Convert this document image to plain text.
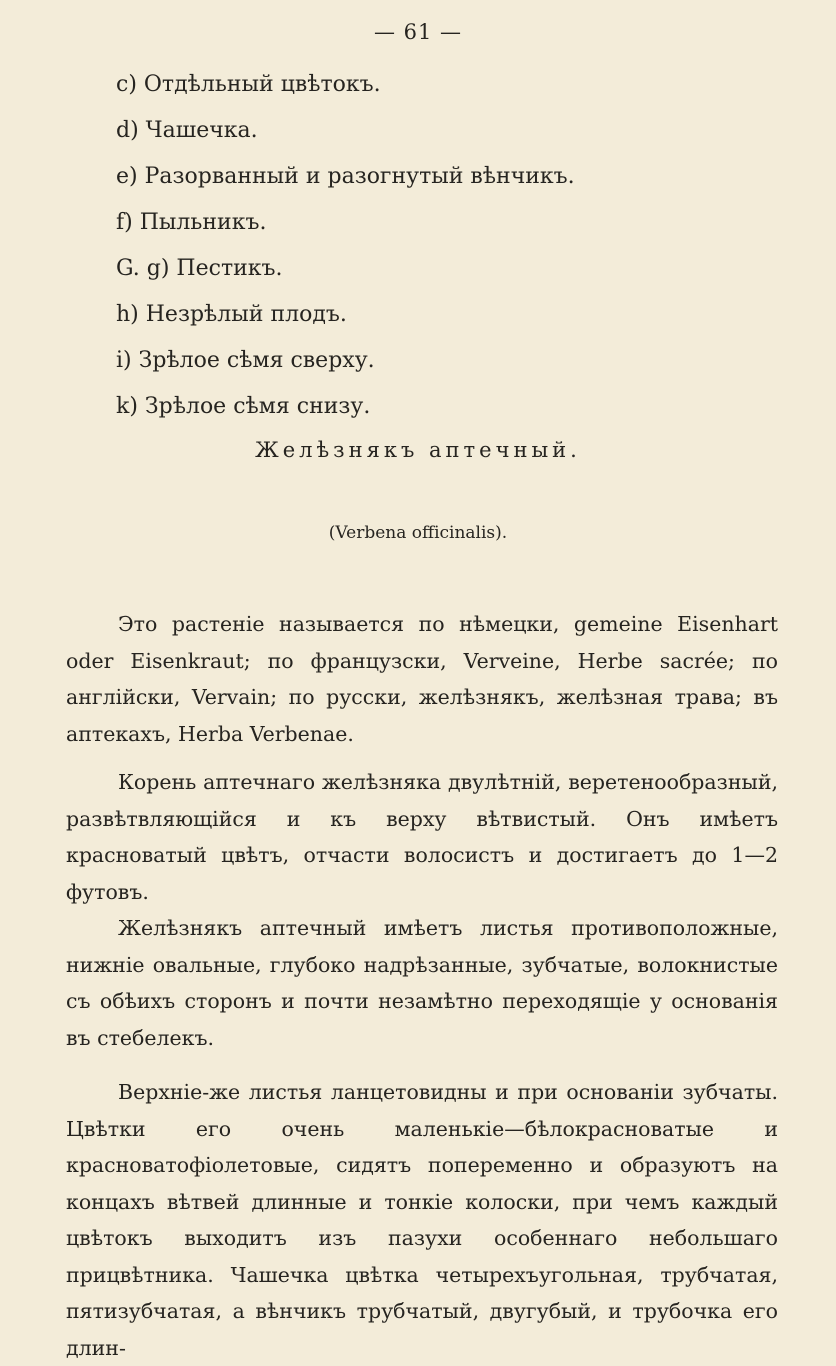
— 61 —
c) Отдѣльный цвѣтокъ.
d) Чашечка.
e) Разорванный и разогнутый вѣнчикъ.
f) Пыльникъ.
G. g) Пестикъ.
h) Незрѣлый плодъ.
i) Зрѣлое сѣмя сверху.
k) Зрѣлое сѣмя снизу.
Желѣзнякъ аптечный.
(Verbena officinalis).

Это растенiе называется по нѣмецки, gemeine Eisenhart oder Eisenkraut; по французски, Verveine, Herbe sacrée; по англiйски, Vervain; по русски, желѣзнякъ, желѣзная трава; въ аптекахъ, Herba Verbenae.

Корень аптечнаго желѣзняка двулѣтнiй, веретенообразный, развѣтвляющiйся и къ верху вѣтвистый. Онъ имѣетъ красноватый цвѣтъ, отчасти волосистъ и достигаетъ до 1—2 футовъ.

Желѣзнякъ аптечный имѣетъ листья противоположные, нижнiе овальные, глубоко надрѣзанные, зубчатые, волокнистые съ обѣихъ сторонъ и почти незамѣтно переходящiе у основанiя въ стебелекъ.

Верхнiе-же листья ланцетовидны и при основанiи зубчаты. Цвѣтки его очень маленькiе—бѣлокрасноватые и красноватофiолетовые, сидятъ попеременно и образуютъ на концахъ вѣтвей длинные и тонкiе колоски, при чемъ каждый цвѣтокъ выходитъ изъ пазухи особеннаго небольшаго прицвѣтника. Чашечка цвѣтка четырехъугольная, трубчатая, пятизубчатая, а вѣнчикъ трубчатый, двугубый, и трубочка его длин-
